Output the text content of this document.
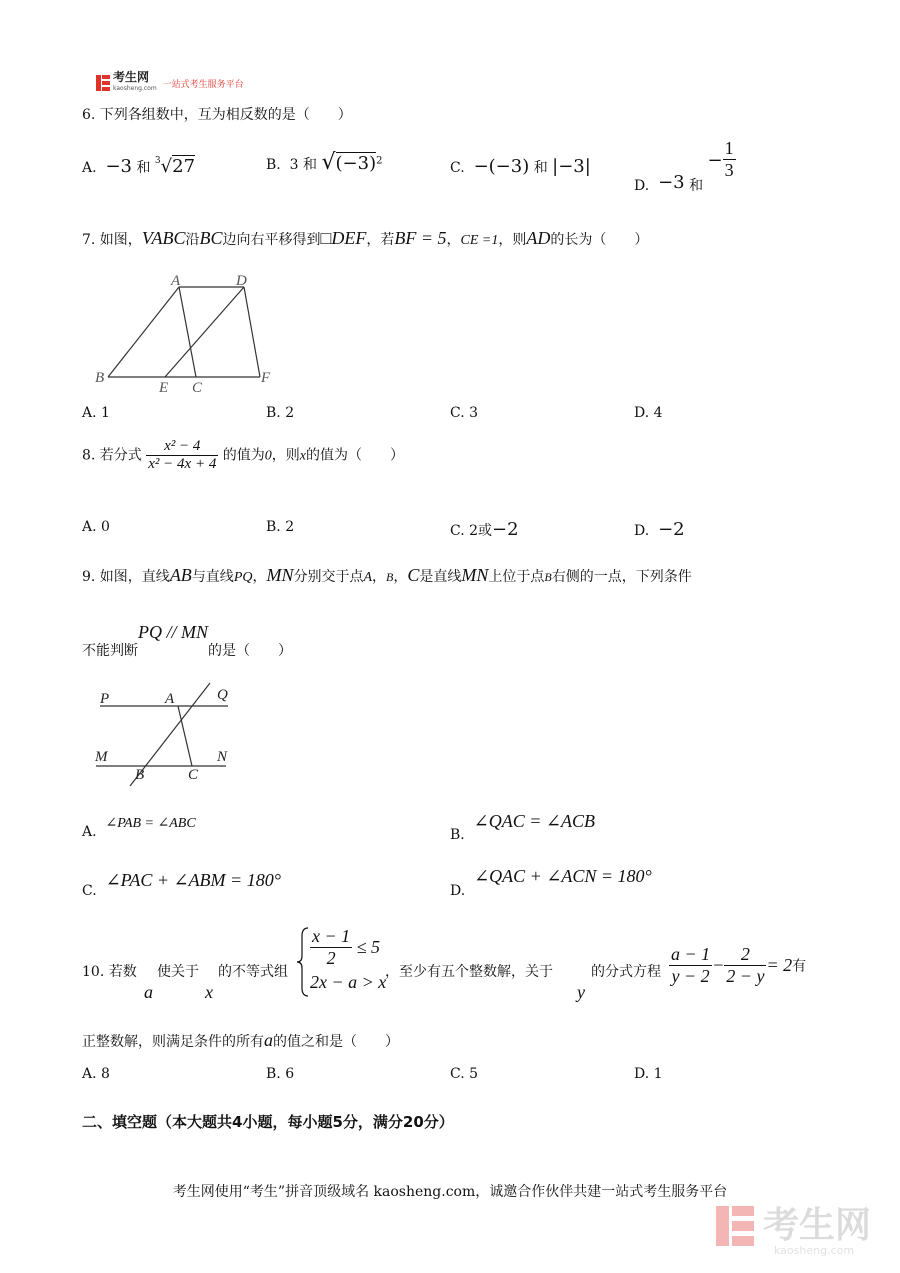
考生网
kaosheng.com 一站式考生服务平台
6. 下列各组数中，互为相反数的是（　　）
A. −3 和 $^3$√27	B. 3 和 $√(-3)^2$	C. −(−3) 和 |−3|
D. −3 和 − $\frac{1}{3}$
7. 如图，VABC沿BC边向右平移得到□DEF，若BF = 5，CE =1，则AD的长为（　　）
A	D
B
E C
F
A. 1	B. 2	C. 3	D. 4
8. 若分式 $\frac{\text{x² − 4}}{\text{x² − 4x + 4}}$ 的值为0，则x的值为（　　）
A. 0	B. 2	C. 2或−2	D. −2
9. 如图，直线AB与直线PQ，MN分别交于点A，B，C是直线MN上位于点B右侧的一点，下列条件
不能判断PQ // MN的是（　　）
P	A	Q
M	N
B	C
A.  ∠PAB = ∠ABC
B.  ∠QAC = ∠ACB
C.  ∠PAC + ∠ABM = 180°
D.  ∠QAC + ∠ACN = 180°
10. 若数
a
使关于
x
的不等式组
$\frac{x - 1}{2} \le 5$
2x − a > x
，至少有五个整数解，关于
y
的分式方程 $\frac{a - 1}{y - 2} - \frac{2}{2 - y} = 2$有
正整数解，则满足条件的所有a的值之和是（　　）
A. 8	B. 6	C. 5	D. 1
二、填空题（本大题共4小题，每小题5分，满分20分）
考生网使用“考生”拼音顶级域名 kaosheng.com，诚邀合作伙伴共建一站式考生服务平台
考生网
kaosheng.com
